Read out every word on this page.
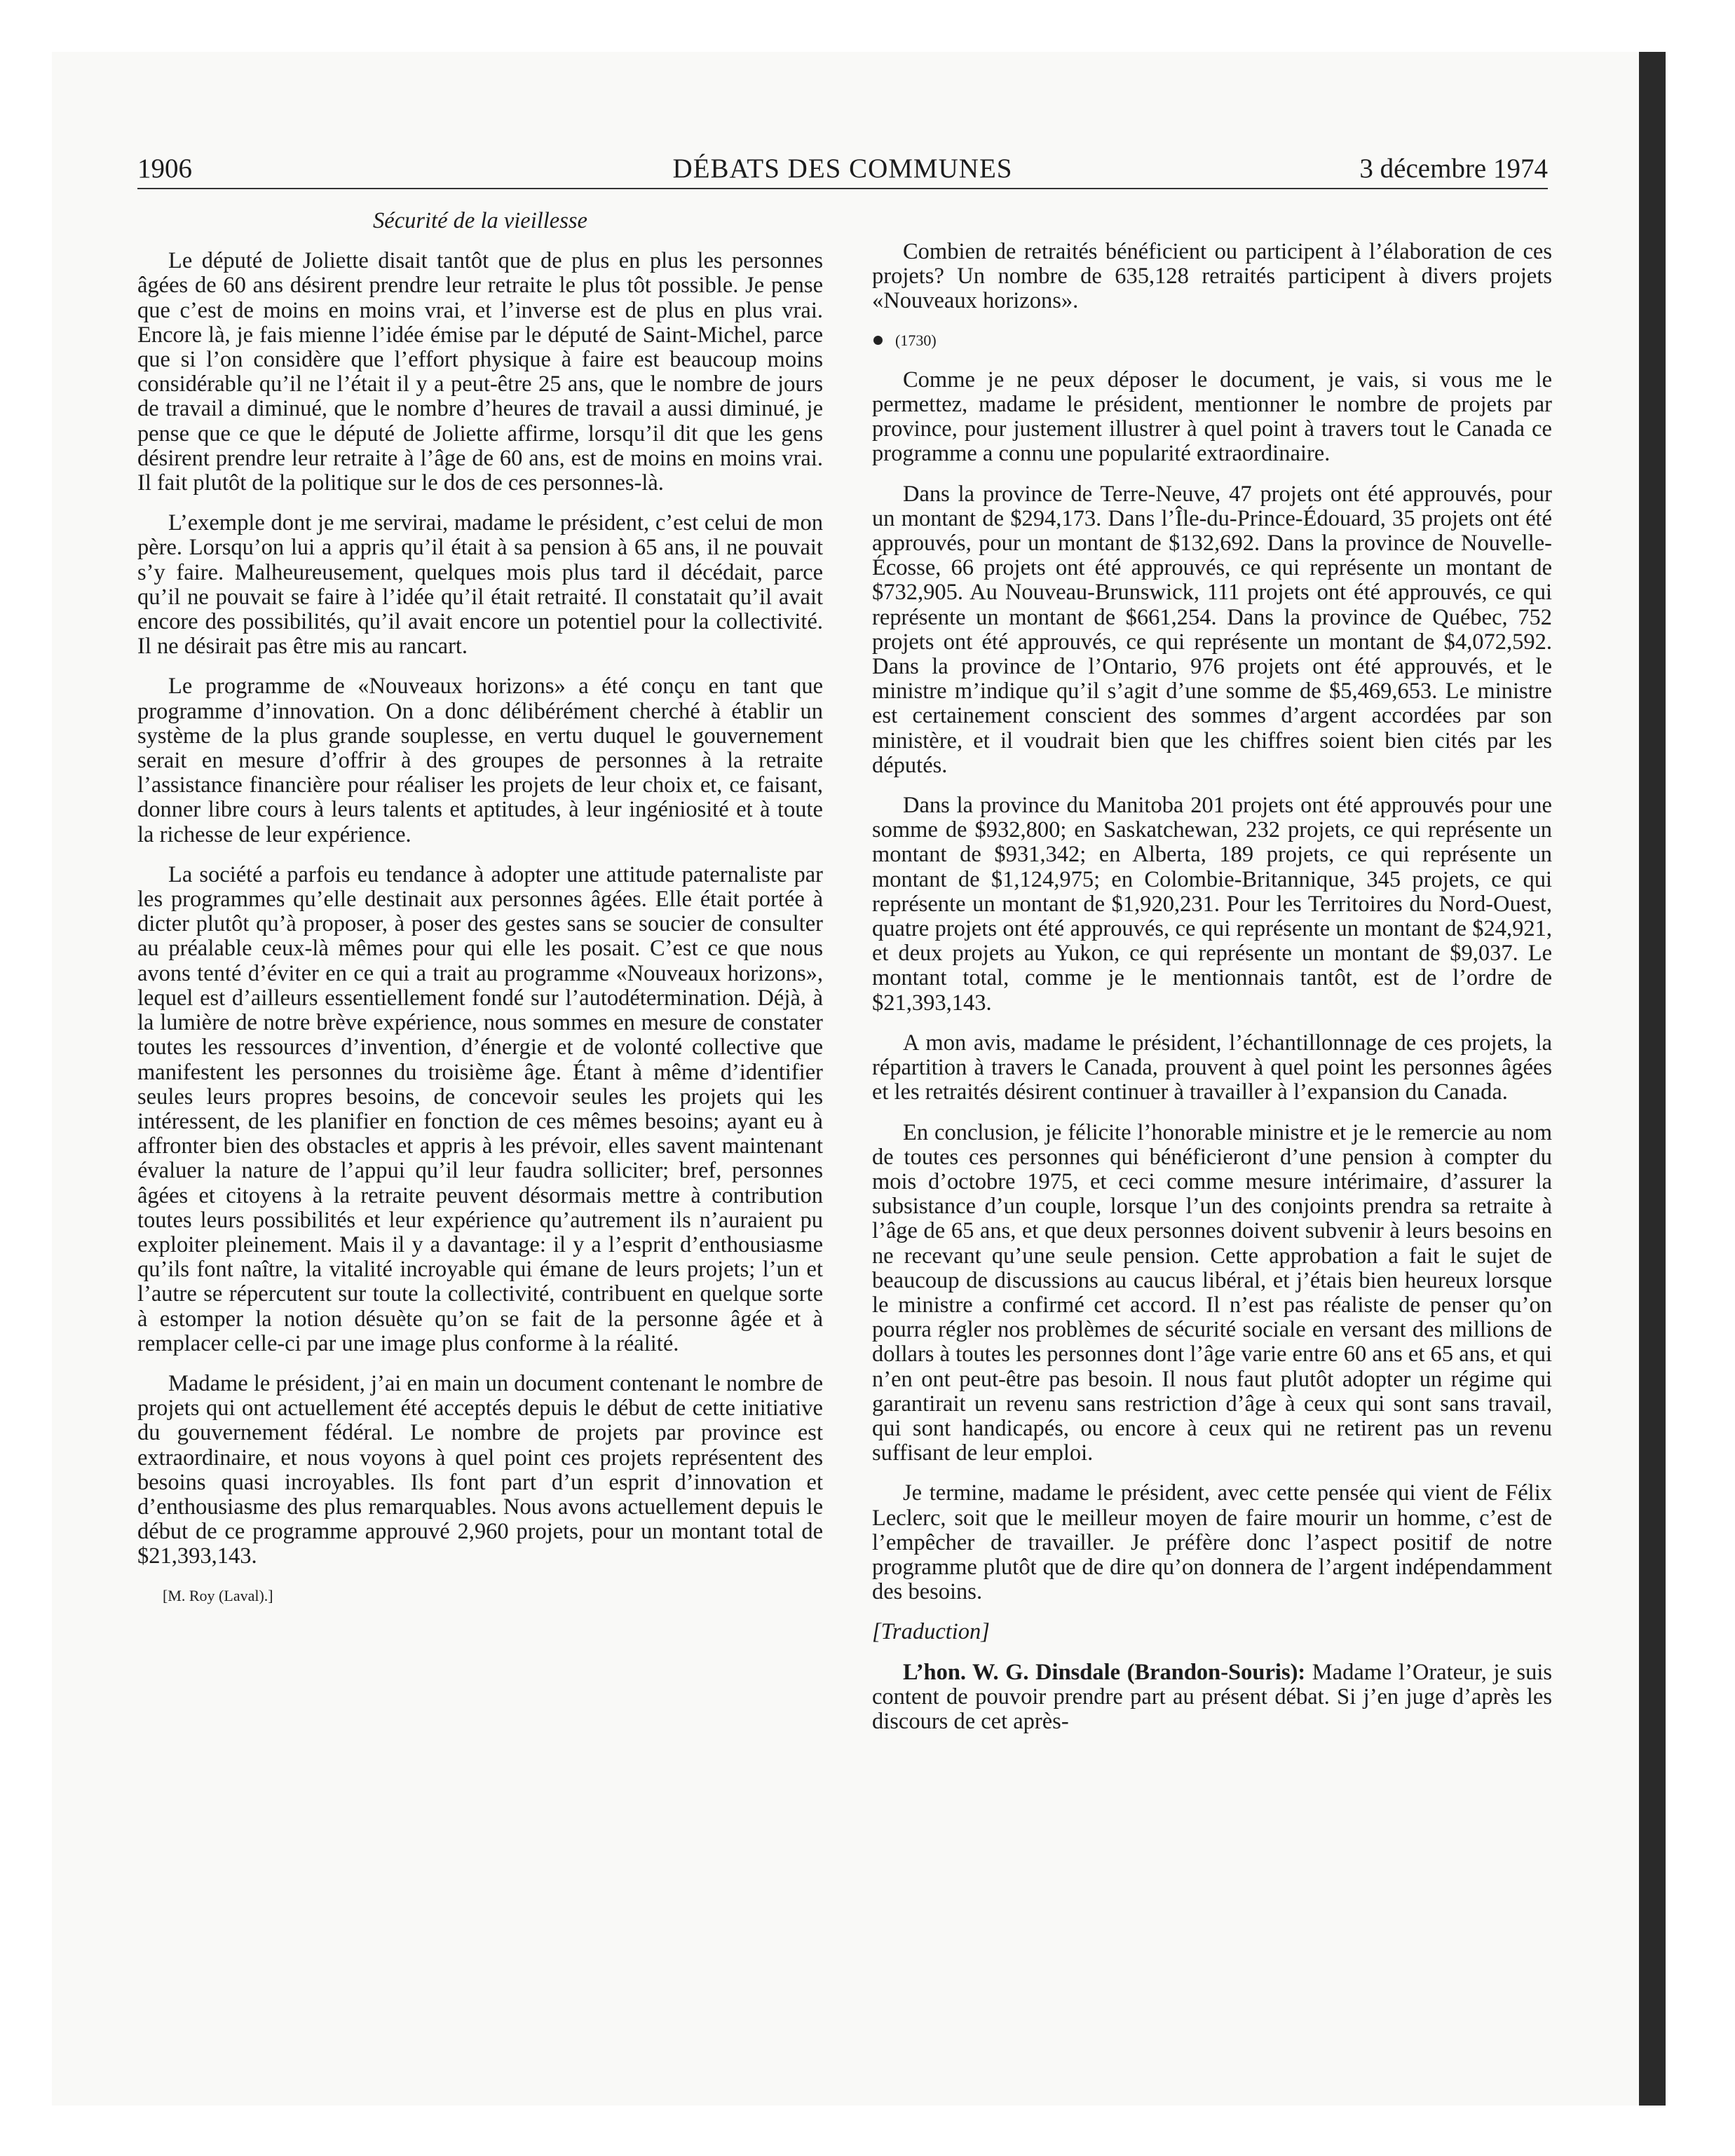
DÉBATS DES COMMUNES
1906	3 décembre 1974

Sécurité de la vieillesse

Le député de Joliette disait tantôt que de plus en plus les personnes âgées de 60 ans désirent prendre leur retraite le plus tôt possible. Je pense que c’est de moins en moins vrai, et l’inverse est de plus en plus vrai. Encore là, je fais mienne l’idée émise par le député de Saint-Michel, parce que si l’on considère que l’effort physique à faire est beaucoup moins considérable qu’il ne l’était il y a peut-être 25 ans, que le nombre de jours de travail a diminué, que le nombre d’heures de travail a aussi diminué, je pense que ce que le député de Joliette affirme, lorsqu’il dit que les gens désirent prendre leur retraite à l’âge de 60 ans, est de moins en moins vrai. Il fait plutôt de la politique sur le dos de ces personnes-là.

L’exemple dont je me servirai, madame le président, c’est celui de mon père. Lorsqu’on lui a appris qu’il était à sa pension à 65 ans, il ne pouvait s’y faire. Malheureusement, quelques mois plus tard il décédait, parce qu’il ne pouvait se faire à l’idée qu’il était retraité. Il constatait qu’il avait encore des possibilités, qu’il avait encore un potentiel pour la collectivité. Il ne désirait pas être mis au rancart.

Le programme de «Nouveaux horizons» a été conçu en tant que programme d’innovation. On a donc délibérément cherché à établir un système de la plus grande souplesse, en vertu duquel le gouvernement serait en mesure d’offrir à des groupes de personnes à la retraite l’assistance financière pour réaliser les projets de leur choix et, ce faisant, donner libre cours à leurs talents et aptitudes, à leur ingéniosité et à toute la richesse de leur expérience.

La société a parfois eu tendance à adopter une attitude paternaliste par les programmes qu’elle destinait aux personnes âgées. Elle était portée à dicter plutôt qu’à proposer, à poser des gestes sans se soucier de consulter au préalable ceux-là mêmes pour qui elle les posait. C’est ce que nous avons tenté d’éviter en ce qui a trait au programme «Nouveaux horizons», lequel est d’ailleurs essentiellement fondé sur l’autodétermination. Déjà, à la lumière de notre brève expérience, nous sommes en mesure de constater toutes les ressources d’invention, d’énergie et de volonté collective que manifestent les personnes du troisième âge. Étant à même d’identifier seules leurs propres besoins, de concevoir seules les projets qui les intéressent, de les planifier en fonction de ces mêmes besoins; ayant eu à affronter bien des obstacles et appris à les prévoir, elles savent maintenant évaluer la nature de l’appui qu’il leur faudra solliciter; bref, personnes âgées et citoyens à la retraite peuvent désormais mettre à contribution toutes leurs possibilités et leur expérience qu’autrement ils n’auraient pu exploiter pleinement. Mais il y a davantage: il y a l’esprit d’enthousiasme qu’ils font naître, la vitalité incroyable qui émane de leurs projets; l’un et l’autre se répercutent sur toute la collectivité, contribuent en quelque sorte à estomper la notion désuète qu’on se fait de la personne âgée et à remplacer celle-ci par une image plus conforme à la réalité.

Madame le président, j’ai en main un document contenant le nombre de projets qui ont actuellement été acceptés depuis le début de cette initiative du gouvernement fédéral. Le nombre de projets par province est extraordinaire, et nous voyons à quel point ces projets représentent des besoins quasi incroyables. Ils font part d’un esprit d’innovation et d’enthousiasme des plus remarquables. Nous avons actuellement depuis le début de ce programme approuvé 2,960 projets, pour un montant total de $21,393,143.

[M. Roy (Laval).]

Combien de retraités bénéficient ou participent à l’élaboration de ces projets? Un nombre de 635,128 retraités participent à divers projets «Nouveaux horizons».

(1730)

Comme je ne peux déposer le document, je vais, si vous me le permettez, madame le président, mentionner le nombre de projets par province, pour justement illustrer à quel point à travers tout le Canada ce programme a connu une popularité extraordinaire.

Dans la province de Terre-Neuve, 47 projets ont été approuvés, pour un montant de $294,173. Dans l’Île-du-Prince-Édouard, 35 projets ont été approuvés, pour un montant de $132,692. Dans la province de Nouvelle-Écosse, 66 projets ont été approuvés, ce qui représente un montant de $732,905. Au Nouveau-Brunswick, 111 projets ont été approuvés, ce qui représente un montant de $661,254. Dans la province de Québec, 752 projets ont été approuvés, ce qui représente un montant de $4,072,592. Dans la province de l’Ontario, 976 projets ont été approuvés, et le ministre m’indique qu’il s’agit d’une somme de $5,469,653. Le ministre est certainement conscient des sommes d’argent accordées par son ministère, et il voudrait bien que les chiffres soient bien cités par les députés.

Dans la province du Manitoba 201 projets ont été approuvés pour une somme de $932,800; en Saskatchewan, 232 projets, ce qui représente un montant de $931,342; en Alberta, 189 projets, ce qui représente un montant de $1,124,975; en Colombie-Britannique, 345 projets, ce qui représente un montant de $1,920,231. Pour les Territoires du Nord-Ouest, quatre projets ont été approuvés, ce qui représente un montant de $24,921, et deux projets au Yukon, ce qui représente un montant de $9,037. Le montant total, comme je le mentionnais tantôt, est de l’ordre de $21,393,143.

A mon avis, madame le président, l’échantillonnage de ces projets, la répartition à travers le Canada, prouvent à quel point les personnes âgées et les retraités désirent continuer à travailler à l’expansion du Canada.

En conclusion, je félicite l’honorable ministre et je le remercie au nom de toutes ces personnes qui bénéficieront d’une pension à compter du mois d’octobre 1975, et ceci comme mesure intérimaire, d’assurer la subsistance d’un couple, lorsque l’un des conjoints prendra sa retraite à l’âge de 65 ans, et que deux personnes doivent subvenir à leurs besoins en ne recevant qu’une seule pension. Cette approbation a fait le sujet de beaucoup de discussions au caucus libéral, et j’étais bien heureux lorsque le ministre a confirmé cet accord. Il n’est pas réaliste de penser qu’on pourra régler nos problèmes de sécurité sociale en versant des millions de dollars à toutes les personnes dont l’âge varie entre 60 ans et 65 ans, et qui n’en ont peut-être pas besoin. Il nous faut plutôt adopter un régime qui garantirait un revenu sans restriction d’âge à ceux qui sont sans travail, qui sont handicapés, ou encore à ceux qui ne retirent pas un revenu suffisant de leur emploi.

Je termine, madame le président, avec cette pensée qui vient de Félix Leclerc, soit que le meilleur moyen de faire mourir un homme, c’est de l’empêcher de travailler. Je préfère donc l’aspect positif de notre programme plutôt que de dire qu’on donnera de l’argent indépendamment des besoins.

[Traduction]

L’hon. W. G. Dinsdale (Brandon-Souris): Madame l’Orateur, je suis content de pouvoir prendre part au présent débat. Si j’en juge d’après les discours de cet après-
